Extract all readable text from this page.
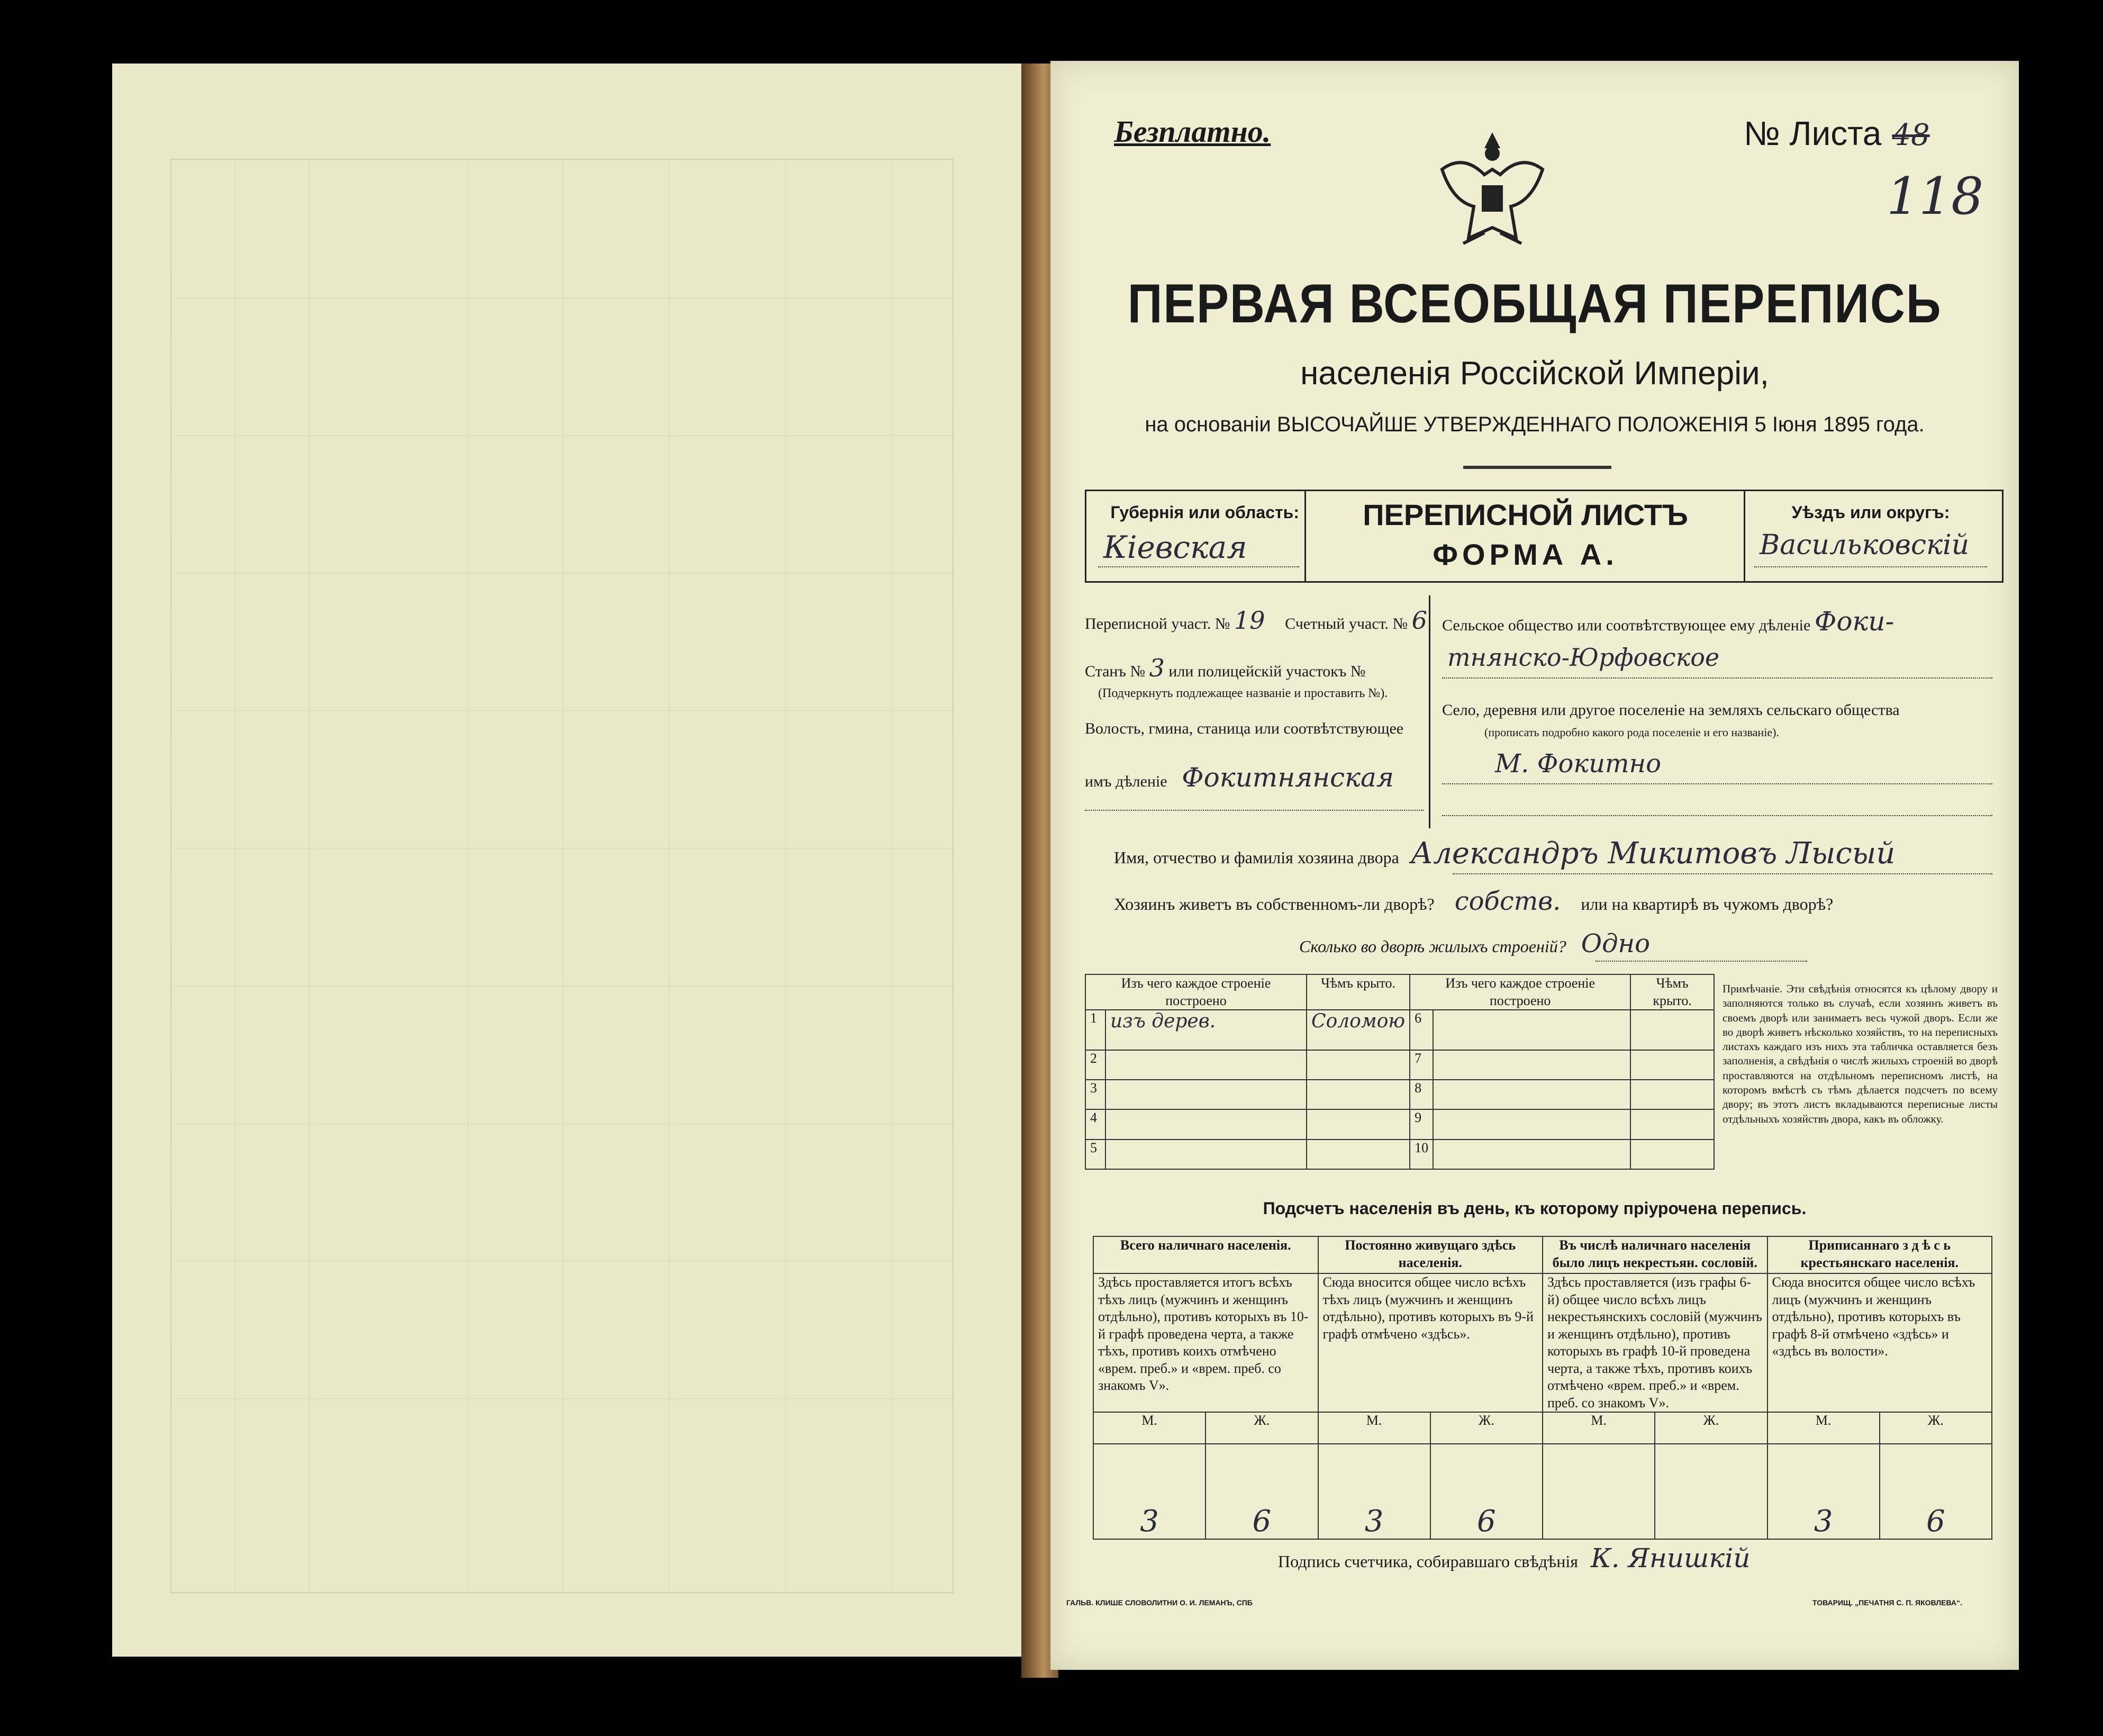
Безплатно.	№ Листа 48
118
ПЕРВАЯ ВСЕОБЩАЯ ПЕРЕПИСЬ
населенія Россійской Имперіи,
на основаніи ВЫСОЧАЙШЕ УТВЕРЖДЕННАГО ПОЛОЖЕНІЯ 5 Іюня 1895 года.
Губернія или область:
Кіевская
ПЕРЕПИСНОЙ ЛИСТЪ
ФОРМА А.
Уѣздъ или округъ:
Васильковскій
Переписной участ. № 19 Счетный участ. № 6
Станъ № 3 или полицейскій участокъ №
(Подчеркнуть подлежащее названіе и проставить №).
Волость, гмина, станица или соотвѣтствующее
имъ дѣленіе Фокитнянская
Сельское общество или соотвѣтствующее ему дѣленіе Фоки-
тнянско-Юрфовское
Село, деревня или другое поселеніе на земляхъ сельскаго общества
(прописать подробно какого рода поселеніе и его названіе).
М. Фокитно
Имя, отчество и фамилія хозяина двора Александръ Микитовъ Лысый
Хозяинъ живетъ въ собственномъ-ли дворѣ? собств. или на квартирѣ въ чужомъ дворѣ?
Сколько во дворѣ жилыхъ строеній? Одно
Изъ чего каждое строеніе построено		Чѣмъ крыто.	Изъ чего каждое строеніе построено		Чѣмъ крыто.
1	изъ дерев.	Соломою	6		
2			7		
3			8		
4			9		
5			10		
Примѣчаніе. Эти свѣдѣнія относятся къ цѣлому двору и заполняются только въ случаѣ, если хозяинъ живетъ въ своемъ дворѣ или занимаетъ весь чужой дворъ. Если же во дворѣ живетъ нѣсколько хозяйствъ, то на переписныхъ листахъ каждаго изъ нихъ эта табличка оставляется безъ заполненія, а свѣдѣнія о числѣ жилыхъ строеній во дворѣ проставляются на отдѣльномъ переписномъ листѣ, на которомъ вмѣстѣ съ тѣмъ дѣлается подсчетъ по всему двору; въ этотъ листъ вкладываются переписные листы отдѣльныхъ хозяйствъ двора, какъ въ обложку.
Подсчетъ населенія въ день, къ которому пріурочена перепись.
Всего наличнаго населенія.		Постоянно живущаго здѣсь населенія.		Въ числѣ наличнаго населенія было лицъ некрестьян. сословій.		Приписаннаго з д ѣ с ь крестьянскаго населенія.	
Здѣсь проставляется итогъ всѣхъ тѣхъ лицъ (мужчинъ и женщинъ отдѣльно), противъ которыхъ въ 10-й графѣ проведена черта, а также тѣхъ, противъ коихъ отмѣчено «врем. преб.» и «врем. преб. со знакомъ V».		Сюда вносится общее число всѣхъ тѣхъ лицъ (мужчинъ и женщинъ отдѣльно), противъ которыхъ въ 9-й графѣ отмѣчено «здѣсь».		Здѣсь проставляется (изъ графы 6-й) общее число всѣхъ лицъ некрестьянскихъ сословій (мужчинъ и женщинъ отдѣльно), противъ которыхъ въ графѣ 10-й проведена черта, а также тѣхъ, противъ коихъ отмѣчено «врем. преб.» и «врем. преб. со знакомъ V».		Сюда вносится общее число всѣхъ лицъ (мужчинъ и женщинъ отдѣльно), противъ которыхъ въ графѣ 8-й отмѣчено «здѣсь» и «здѣсь въ волости».	
М.	Ж.	М.	Ж.	М.	Ж.	М.	Ж.
3	6	3	6			3	6
Подпись счетчика, собиравшаго свѣдѣнія К. Янишкій
ГАЛЬВ. КЛИШЕ СЛОВОЛИТНИ О. И. ЛЕМАНЪ, СПБ	ТОВАРИЩ. „ПЕЧАТНЯ С. П. ЯКОВЛЕВА“.
